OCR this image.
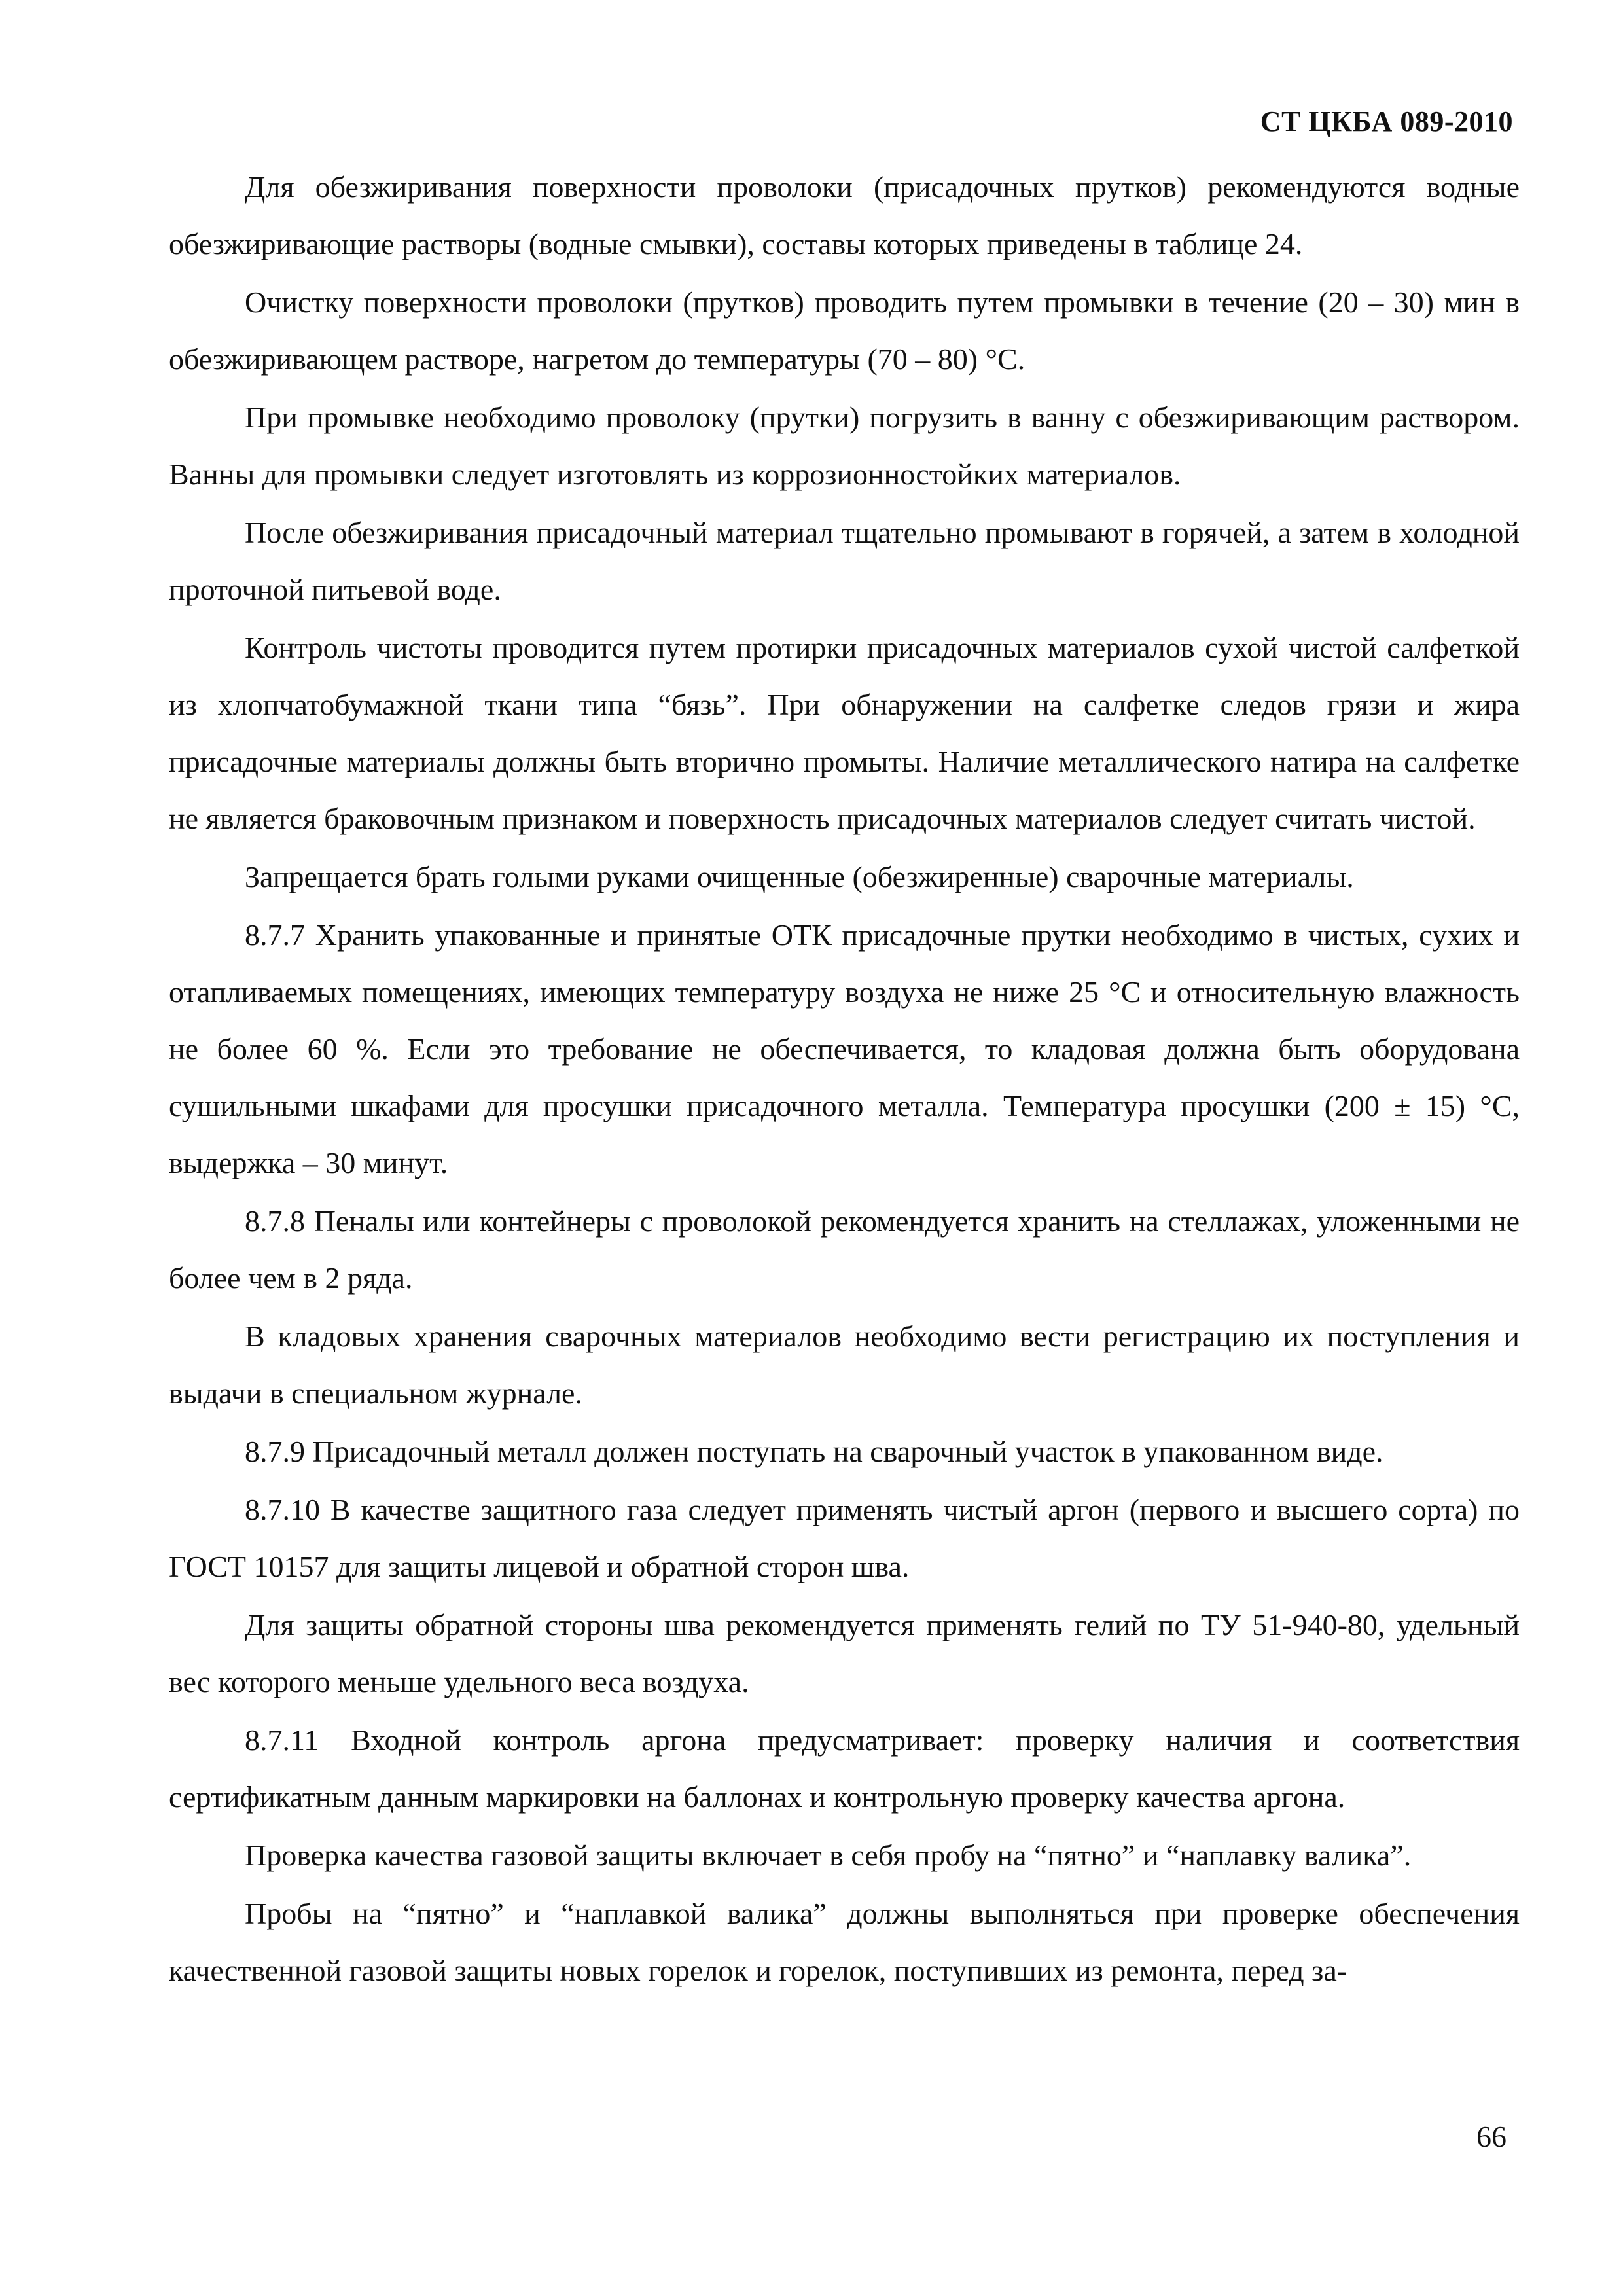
СТ ЦКБА 089-2010

Для обезжиривания поверхности проволоки (присадочных прутков) рекомендуются водные обезжиривающие растворы (водные смывки), составы которых приведены в таблице 24.

Очистку поверхности проволоки (прутков) проводить путем промывки в течение (20 – 30) мин в обезжиривающем растворе, нагретом до температуры (70 – 80) °С.

При промывке необходимо проволоку (прутки) погрузить в ванну с обезжиривающим раствором. Ванны для промывки следует изготовлять из коррозионностойких материалов.

После обезжиривания присадочный материал тщательно промывают в горячей, а затем в холодной проточной питьевой воде.

Контроль чистоты проводится путем протирки присадочных материалов сухой чистой салфеткой из хлопчатобумажной ткани типа “бязь”. При обнаружении на салфетке следов грязи и жира присадочные материалы должны быть вторично промыты. Наличие металлического натира на салфетке не является браковочным признаком и поверхность присадочных материалов следует считать чистой.

Запрещается брать голыми руками очищенные (обезжиренные) сварочные материалы.

8.7.7 Хранить упакованные и принятые ОТК присадочные прутки необходимо в чистых, сухих и отапливаемых помещениях, имеющих температуру воздуха не ниже 25 °С и относительную влажность не более 60 %. Если это требование не обеспечивается, то кладовая должна быть оборудована сушильными шкафами для просушки присадочного металла. Температура просушки (200 ± 15) °С, выдержка – 30 минут.

8.7.8 Пеналы или контейнеры с проволокой рекомендуется хранить на стеллажах, уложенными не более чем в 2 ряда.

В кладовых хранения сварочных материалов необходимо вести регистрацию их поступления и выдачи в специальном журнале.

8.7.9 Присадочный металл должен поступать на сварочный участок в упакованном виде.

8.7.10 В качестве защитного газа следует применять чистый аргон (первого и высшего сорта) по ГОСТ 10157 для защиты лицевой и обратной сторон шва.

Для защиты обратной стороны шва рекомендуется применять гелий по ТУ 51-940-80, удельный вес которого меньше удельного веса воздуха.

8.7.11 Входной контроль аргона предусматривает: проверку наличия и соответствия сертификатным данным маркировки на баллонах и контрольную проверку качества аргона.

Проверка качества газовой защиты включает в себя пробу на “пятно” и “наплавку валика”.

Пробы на “пятно” и “наплавкой валика” должны выполняться при проверке обеспечения качественной газовой защиты новых горелок и горелок, поступивших из ремонта, перед за-

66
